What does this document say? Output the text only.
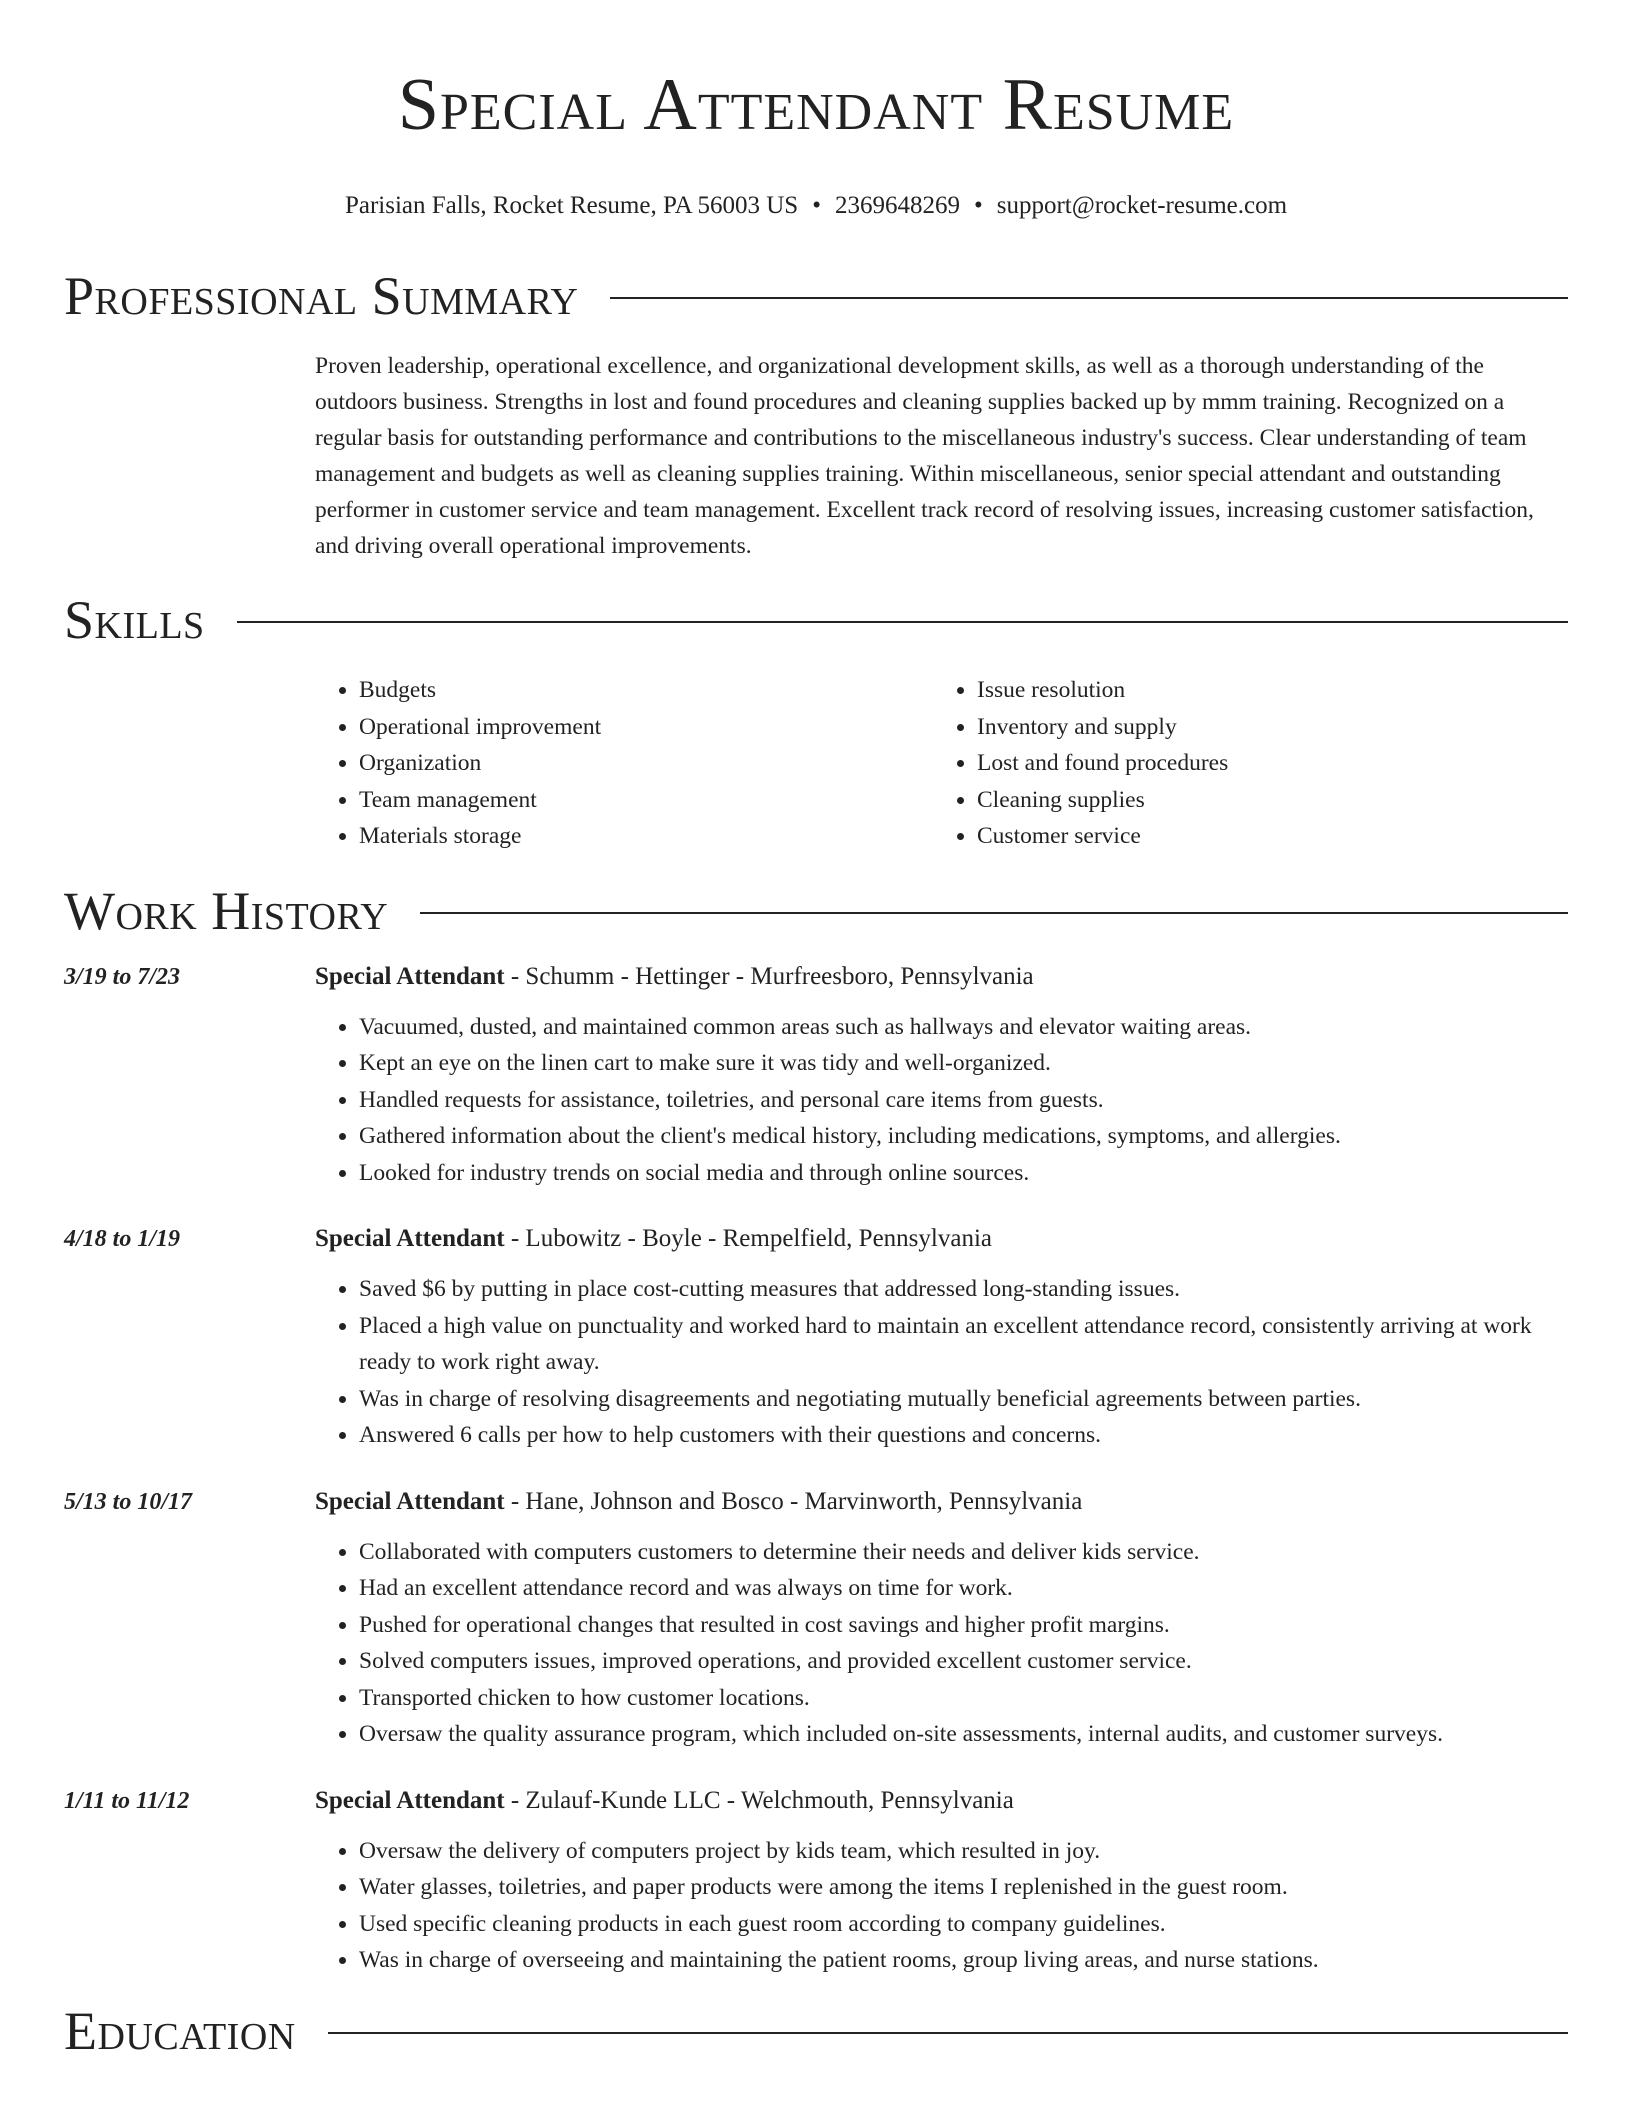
Special Attendant Resume
Parisian Falls, Rocket Resume, PA 56003 US • 2369648269 • support@rocket-resume.com
Professional Summary
Proven leadership, operational excellence, and organizational development skills, as well as a thorough understanding of the outdoors business. Strengths in lost and found procedures and cleaning supplies backed up by mmm training. Recognized on a regular basis for outstanding performance and contributions to the miscellaneous industry's success. Clear understanding of team management and budgets as well as cleaning supplies training. Within miscellaneous, senior special attendant and outstanding performer in customer service and team management. Excellent track record of resolving issues, increasing customer satisfaction, and driving overall operational improvements.
Skills
• Budgets
• Operational improvement
• Organization
• Team management
• Materials storage
• Issue resolution
• Inventory and supply
• Lost and found procedures
• Cleaning supplies
• Customer service
Work History
3/19 to 7/23	Special Attendant - Schumm - Hettinger - Murfreesboro, Pennsylvania
• Vacuumed, dusted, and maintained common areas such as hallways and elevator waiting areas.
• Kept an eye on the linen cart to make sure it was tidy and well-organized.
• Handled requests for assistance, toiletries, and personal care items from guests.
• Gathered information about the client's medical history, including medications, symptoms, and allergies.
• Looked for industry trends on social media and through online sources.
4/18 to 1/19	Special Attendant - Lubowitz - Boyle - Rempelfield, Pennsylvania
• Saved $6 by putting in place cost-cutting measures that addressed long-standing issues.
• Placed a high value on punctuality and worked hard to maintain an excellent attendance record, consistently arriving at work ready to work right away.
• Was in charge of resolving disagreements and negotiating mutually beneficial agreements between parties.
• Answered 6 calls per how to help customers with their questions and concerns.
5/13 to 10/17	Special Attendant - Hane, Johnson and Bosco - Marvinworth, Pennsylvania
• Collaborated with computers customers to determine their needs and deliver kids service.
• Had an excellent attendance record and was always on time for work.
• Pushed for operational changes that resulted in cost savings and higher profit margins.
• Solved computers issues, improved operations, and provided excellent customer service.
• Transported chicken to how customer locations.
• Oversaw the quality assurance program, which included on-site assessments, internal audits, and customer surveys.
1/11 to 11/12	Special Attendant - Zulauf-Kunde LLC - Welchmouth, Pennsylvania
• Oversaw the delivery of computers project by kids team, which resulted in joy.
• Water glasses, toiletries, and paper products were among the items I replenished in the guest room.
• Used specific cleaning products in each guest room according to company guidelines.
• Was in charge of overseeing and maintaining the patient rooms, group living areas, and nurse stations.
Education
